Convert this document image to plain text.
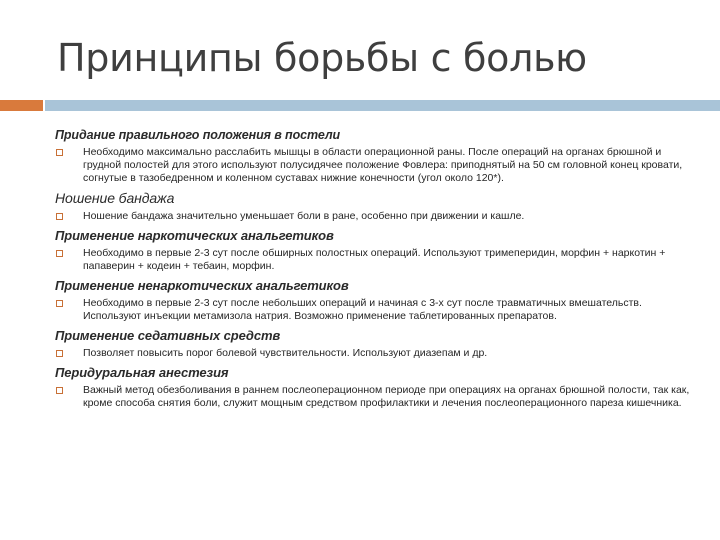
Принципы борьбы с болью

Придание правильного положения в постели

Необходимо максимально расслабить мышцы в области операционной раны. После операций на органах брюшной и грудной полостей для этого используют полусидячее положение Фовлера: приподнятый на 50 см головной конец кровати, согнутые в тазобедренном и коленном суставах нижние конечности (угол около 120*).

Ношение бандажа

Ношение бандажа значительно уменьшает боли в ране, особенно при движении и кашле.

Применение наркотических анальгетиков

Необходимо в первые 2-3 сут после обширных полостных операций. Используют тримеперидин, морфин + наркотин + папаверин + кодеин + тебаин, морфин.

Применение ненаркотических анальгетиков

Необходимо в первые 2-3 сут после небольших операций и начиная с 3-х сут после травматичных вмешательств. Используют инъекции метамизола натрия. Возможно применение таблетированных препаратов.

Применение седативных средств

Позволяет повысить порог болевой чувствительности. Используют диазепам и др.

Перидуральная анестезия

Важный метод обезболивания в раннем послеоперационном периоде при операциях на органах брюшной полости, так как, кроме способа снятия боли, служит мощным средством профилактики и лечения послеоперационного пареза кишечника.
